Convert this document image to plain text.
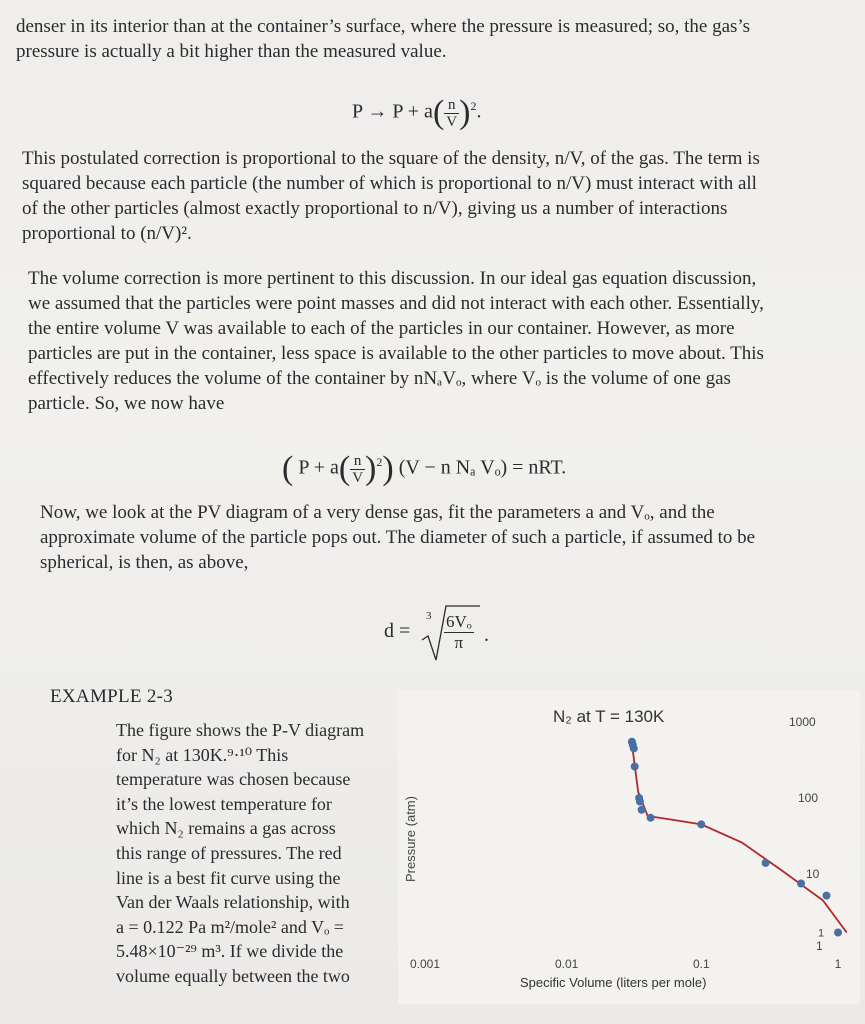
denser in its interior than at the container’s surface, where the pressure is measured; so, the gas’s
pressure is actually a bit higher than the measured value.

$P \to P + a( \frac{n}{V} )^2$.

This postulated correction is proportional to the square of the density, n/V, of the gas. The term is
squared because each particle (the number of which is proportional to n/V) must interact with all
of the other particles (almost exactly proportional to n/V), giving us a number of interactions
proportional to (n/V)².

The volume correction is more pertinent to this discussion. In our ideal gas equation discussion,
we assumed that the particles were point masses and did not interact with each other. Essentially,
the entire volume V was available to each of the particles in our container. However, as more
particles are put in the container, less space is available to the other particles to move about. This
effectively reduces the volume of the container by nNₐVₒ, where Vₒ is the volume of one gas
particle. So, we now have

( $P + a( \frac{n}{V} )^2$) (V − n Nₐ Vₒ) = nRT.

Now, we look at the PV diagram of a very dense gas, fit the parameters a and Vₒ, and the
approximate volume of the particle pops out. The diameter of such a particle, if assumed to be
spherical, is then, as above,

d =
$3 \frac{\text{6Vₒ}}{\pi}$ .
EXAMPLE 2-3
The figure shows the P-V diagram
for N₂ at 130K.⁹·¹⁰ This
temperature was chosen because
it’s the lowest temperature for
which N₂ remains a gas across
this range of pressures. The red
line is a best fit curve using the
Van der Waals relationship, with
a = 0.122 Pa m²/mole² and Vₒ =
5.48×10⁻²⁹ m³. If we divide the
volume equally between the two
N₂ at T = 130K
Pressure (atm)
Specific Volume (liters per mole)
1000
100
10
1
0.001	0.01	0.1	1
1
